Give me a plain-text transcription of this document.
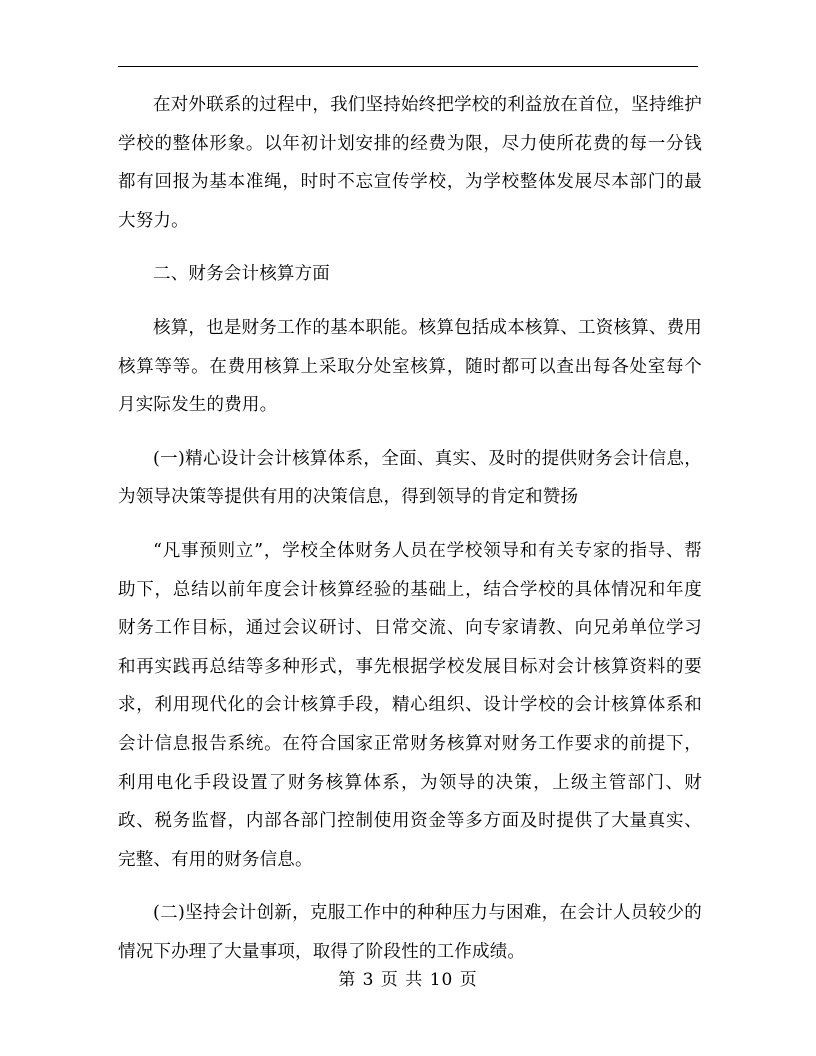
在对外联系的过程中，我们坚持始终把学校的利益放在首位，坚持维护学校的整体形象。以年初计划安排的经费为限，尽力使所花费的每一分钱都有回报为基本准绳，时时不忘宣传学校，为学校整体发展尽本部门的最大努力。

二、财务会计核算方面

核算，也是财务工作的基本职能。核算包括成本核算、工资核算、费用核算等等。在费用核算上采取分处室核算，随时都可以查出每各处室每个月实际发生的费用。

(一)精心设计会计核算体系，全面、真实、及时的提供财务会计信息，为领导决策等提供有用的决策信息，得到领导的肯定和赞扬

“凡事预则立”，学校全体财务人员在学校领导和有关专家的指导、帮助下，总结以前年度会计核算经验的基础上，结合学校的具体情况和年度财务工作目标，通过会议研讨、日常交流、向专家请教、向兄弟单位学习和再实践再总结等多种形式，事先根据学校发展目标对会计核算资料的要求，利用现代化的会计核算手段，精心组织、设计学校的会计核算体系和会计信息报告系统。在符合国家正常财务核算对财务工作要求的前提下，利用电化手段设置了财务核算体系，为领导的决策，上级主管部门、财政、税务监督，内部各部门控制使用资金等多方面及时提供了大量真实、完整、有用的财务信息。

(二)坚持会计创新，克服工作中的种种压力与困难，在会计人员较少的情况下办理了大量事项，取得了阶段性的工作成绩。

第 3 页 共 10 页
